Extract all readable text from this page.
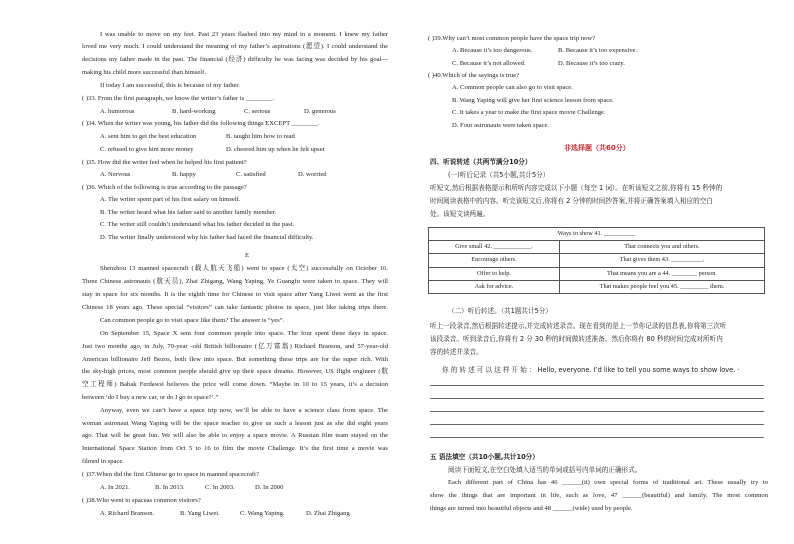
I was unable to move on my feet. Past 23 years flashed into my mind in a moment. I knew my father
loved me very much. I could understand the meaning of my father’s aspirations (愿望). I could understand the
decisions my father made in the past. The financial (经济) difficulty he was facing was decided by his goal—
making his child more successful than himself.
If today I am successful, this is because of my father.
( )33. From the first paragraph, we know the writer’s father is ________.
A. humorous	B. hard-working	C. serious	D. generous
( )34. When the writer was young, his father did the following things EXCEPT ________.
A. sent him to get the best education	B. taught him how to read
C. refused to give him more money	D. cheered him up when he felt upset
( )35. How did the writer feel when he helped his first patient?
A. Nervous	B. happy	C. satisfied	D. worried
( )36. Which of the following is true according to the passage?
A. The writer spent part of his first salary on himself.
B. The writer heard what his father said to another family member.
C. The writer still couldn’t understand what his father decided in the past.
D. The writer finally understood why his father had faced the financial difficulty.
E
Shenzhou 13 manned spacecraft (载人航天飞船) went to space (太空) successfully on October 16.
Three Chinese astronauts (航天员), Zhai Zhigang, Wang Yaping, Ye Guangfu were taken to space. They will
stay in space for six months. It is the eighth time for Chinese to visit space after Yang Liwei went as the first
Chinese 18 years ago. These special “visitors” can take fantastic photos in space, just like taking trips there.
Can common people go to visit space like them? The answer is “yes”.
On September 15, Space X sent four common people into space. The four spent three days in space.
Just two months ago, in July, 70-year -old British billionaire (亿万富翁) Richard Branson, and 57-year-old
American billionaire Jeff Bezos, both flew into space. But something these trips are for the super rich. With
the sky-high prices, most common people should give up their space dreams. However, US flight engineer (航
空工程师) Babak Ferdawsi believes the price will come down. “Maybe in 10 to 15 years, it’s a decision
between ‘do I buy a new car, or do I go to space?’.”
Anyway, even we can’t have a space trip now, we’ll be able to have a science class from space. The
woman astronaut Wang Yaping will be the space teacher to give us such a lesson just as she did eight years
ago. That will be great fun. We will also be able to enjoy a space movie. A Russian film team stayed on the
International Space Station from Oct 5 to 16 to film the movie Challenge. It’s the first time a movie was
filmed in space.
( )37.When did the first Chinese go to space in manned spacecraft?
A. In 2021.	B. In 2013.	C. In 2003.	D. In 2000
( )38.Who went to spaceas common visitors?
A. Richard Branson.	B. Yang Liwei.	C. Wang Yaping.	D. Zhai Zhigang
( )39.Why can’t most common people have the space trip now?
A. Because it’s too dangerous.	B. Because it’s too expensive.
C. Because it’s not allowed.	D. Because it’s too crazy.
( )40.Which of the sayings is true?
A. Common people can also go to visit space.
B. Wang Yaping will give her first science lesson from space.
C. It takes a year to make the first space movie Challenge.
D. Four astronauts were taken space.
非选择题（共60分）
四、听说转述（共两节满分10分）
(一)听后记录（共5小题,共计5分）
听短文,然后根据表格提示和所听内容完成以下小题（每空 1 词）。在听该短文之前,你将有 15 秒钟的
时间阅读表格中的内容。听完该短文后,你将有 2 分钟的时间抄答案,并将正确答案填入相应的空白
处。该短文读两遍。
Ways to show 41. __________	
Give small 42. ____________.	That connects you and others.
Encourage others.	That gives them 43. __________.
Offer to help.	That means you are a 44. ________ person.
Ask for advice.	That makes people feel you 45. _________ them.
（二）听后转述。（共1题共计5分）
听上一段录音,然后根据转述提示,并完成转述录音。现在看到的是上一节你记录的信息表,你将第三次听
该段录音。听到录音后,你将有 2 分 30 秒的时间做转述准备。然后你将有 80 秒的时间完成对所听内
容的转述并录音。
你 的 转 述 可 以 这 样 开 始 ： Hello, everyone. I’d like to tell you some ways to show love. ·
五 语法填空（共10小题,共计10分）
阅读下面短文,在空白处填入适当的单词或括号内单词的正确形式。
Each different part of China has 46 ______(it) own special forms of traditional art. These usually try to
show the things that are important in life, such as love, 47 ______(beautiful) and family. The most common
things are turned into beautiful objects and 48 ______(wide) used by people.
